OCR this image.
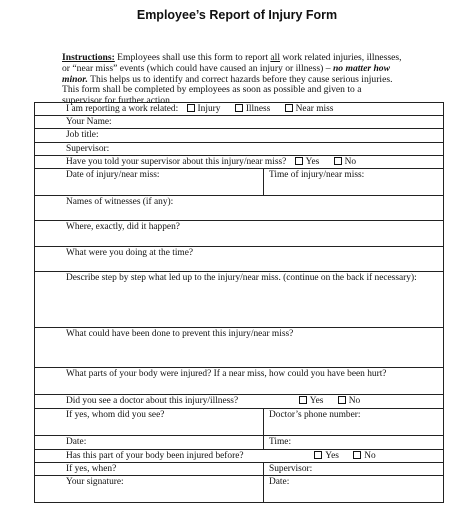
Employee’s Report of Injury Form
Instructions: Employees shall use this form to report all work related injuries, illnesses, or “near miss” events (which could have caused an injury or illness) – no matter how minor. This helps us to identify and correct hazards before they cause serious injuries. This form shall be completed by employees as soon as possible and given to a supervisor for further action.
I am reporting a work related: Injury Illness Near miss	
Your Name:	
Job title:	
Supervisor:	
Have you told your supervisor about this injury/near miss? Yes No	
Date of injury/near miss:	Time of injury/near miss:
Names of witnesses (if any):	
Where, exactly, did it happen?	
What were you doing at the time?	
Describe step by step what led up to the injury/near miss. (continue on the back if necessary):	
What could have been done to prevent this injury/near miss?	
What parts of your body were injured? If a near miss, how could you have been hurt?	
Did you see a doctor about this injury/illness? Yes No	
If yes, whom did you see?	Doctor’s phone number:
Date:	Time:
Has this part of your body been injured before? Yes No	
If yes, when?	Supervisor:
Your signature:	Date:
